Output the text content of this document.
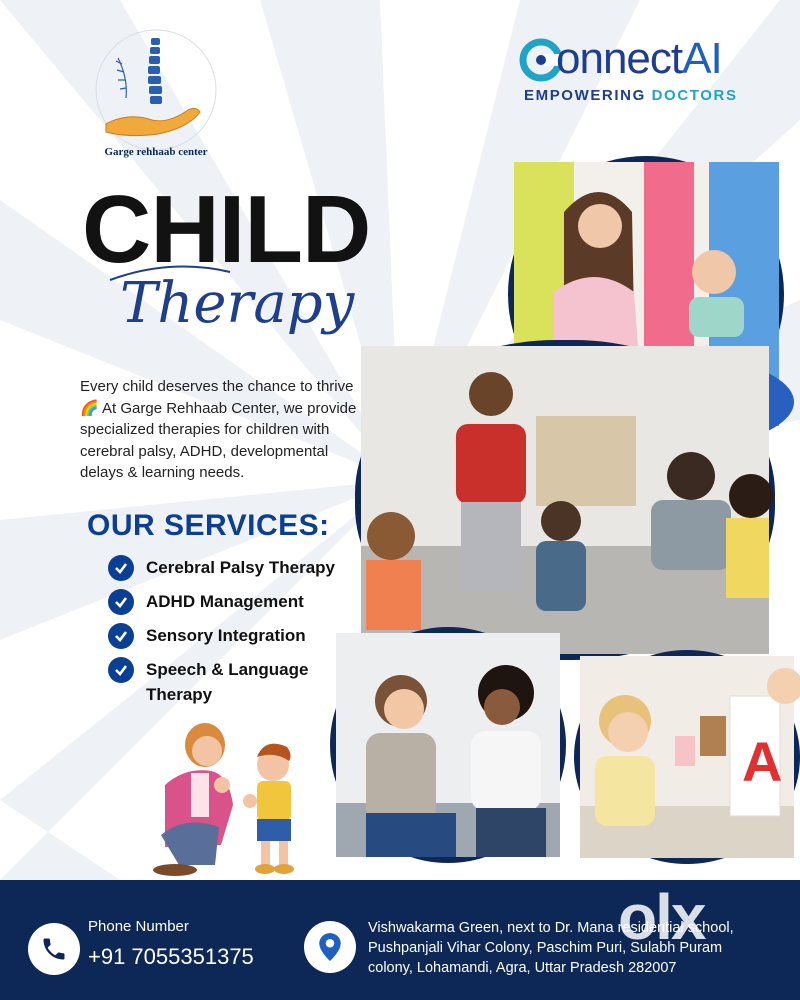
Garge rehhaab center
onnectAI
EMPOWERING DOCTORS
CHILD
Therapy
Every child deserves the chance to thrive
🌈 At Garge Rehhaab Center, we provide
specialized therapies for children with
cerebral palsy, ADHD, developmental
delays & learning needs.
OUR SERVICES:
Cerebral Palsy Therapy
ADHD Management
Sensory Integration
Speech & Language Therapy
A
Phone Number
+91 7055351375
Vishwakarma Green, next to Dr. Mana residential school,
Pushpanjali Vihar Colony, Paschim Puri, Sulabh Puram
colony, Lohamandi, Agra, Uttar Pradesh 282007
olx
